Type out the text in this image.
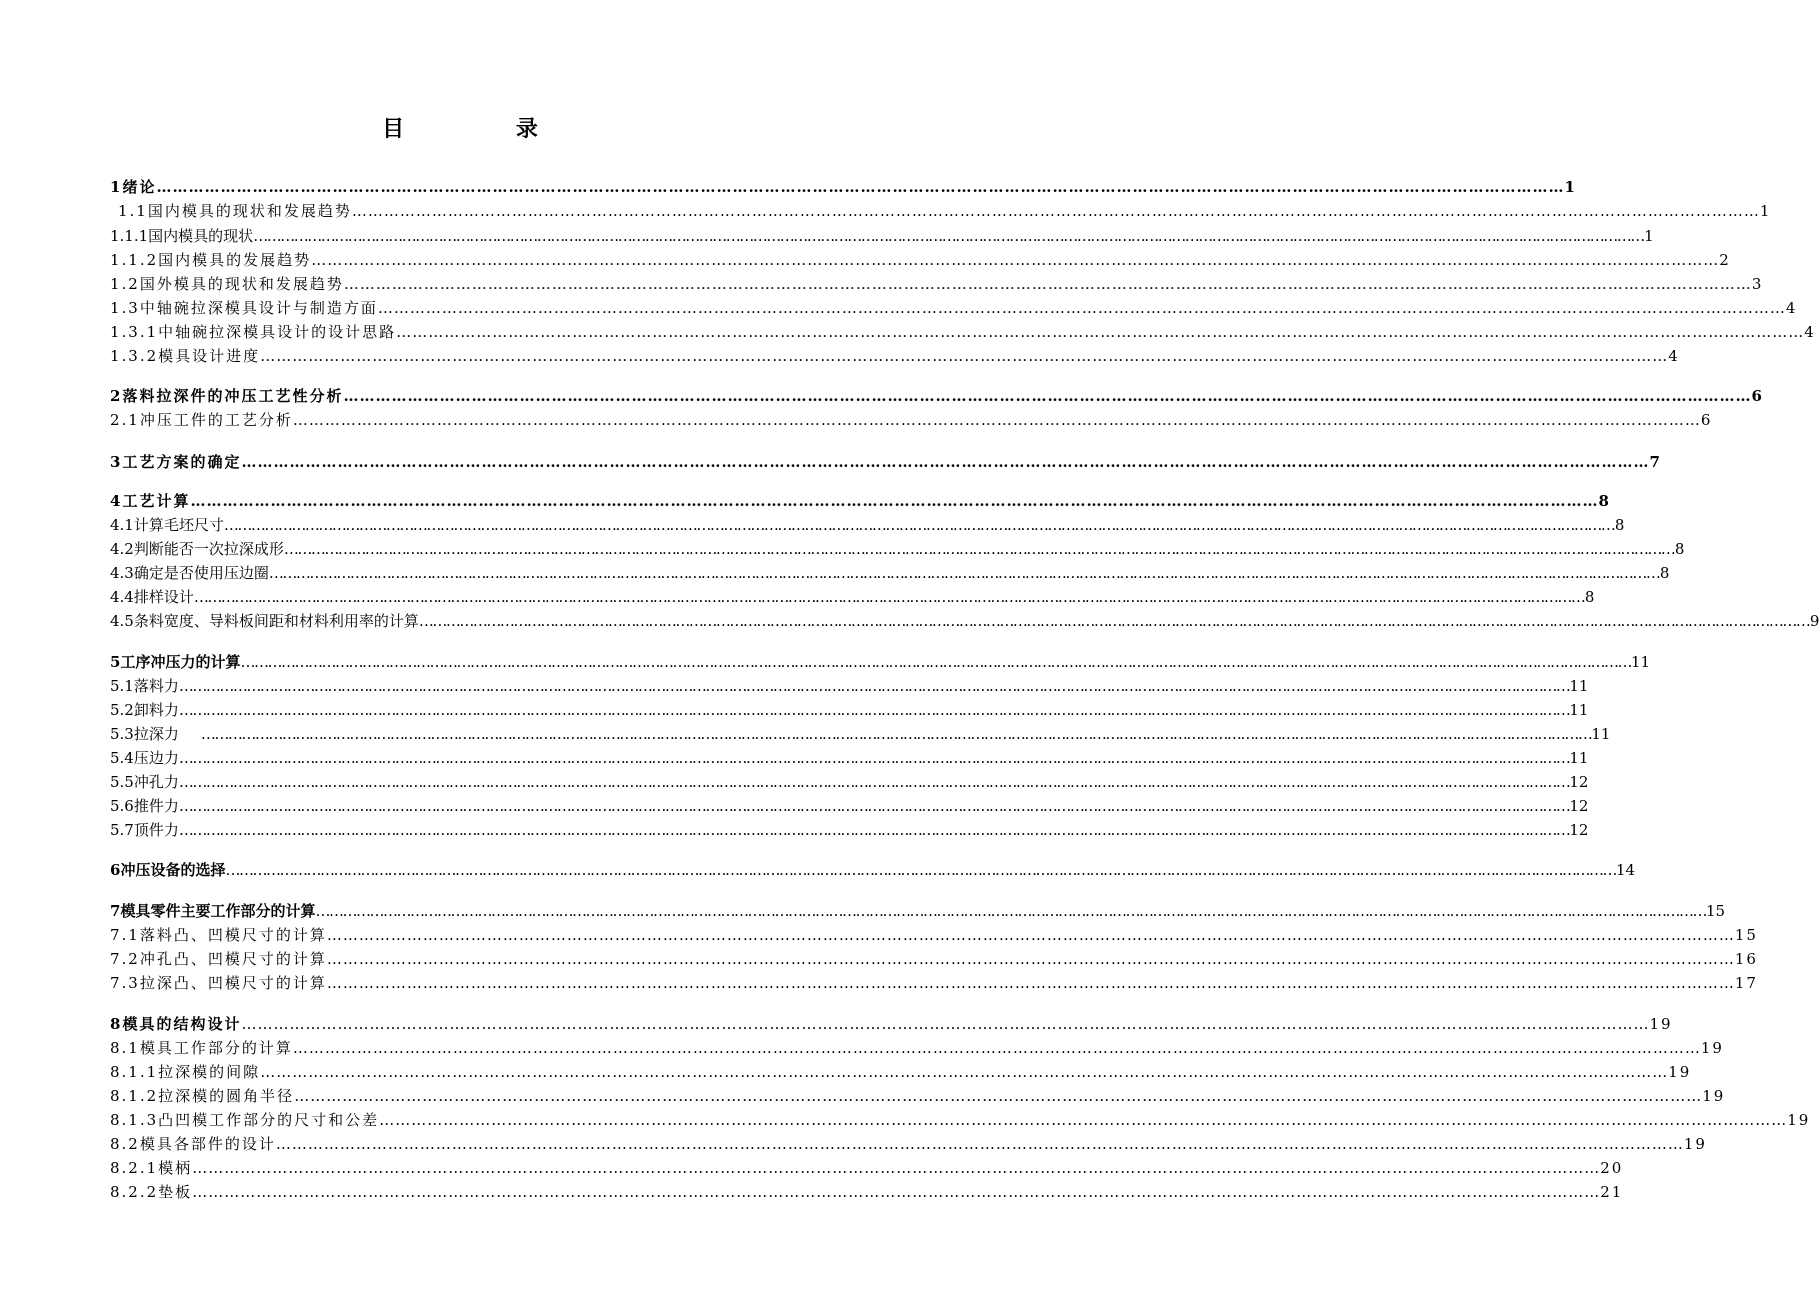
目 录
1 绪论 …………………………………………………………………………………………………………………………………………………………………………………………………………………………………………	1
1.1 国内模具的现状和发展趋势 …………………………………………………………………………………………………………………………………………………………………………………………………………………………………………	1
1.1.1 国内模具的现状 …………………………………………………………………………………………………………………………………………………………………………………………………………………………………………………………………………………	1
1.1.2 国内模具的发展趋势 …………………………………………………………………………………………………………………………………………………………………………………………………………………………………………	2
1.2 国外模具的现状和发展趋势 …………………………………………………………………………………………………………………………………………………………………………………………………………………………………………	3
1.3 中轴碗拉深模具设计与制造方面 …………………………………………………………………………………………………………………………………………………………………………………………………………………………………………	4
1.3.1 中轴碗拉深模具设计的设计思路 …………………………………………………………………………………………………………………………………………………………………………………………………………………………………………	4
1.3.2 模具设计进度 …………………………………………………………………………………………………………………………………………………………………………………………………………………………………………	4
2 落料拉深件的冲压工艺性分析 …………………………………………………………………………………………………………………………………………………………………………………………………………………………………………	6
2.1 冲压工件的工艺分析 …………………………………………………………………………………………………………………………………………………………………………………………………………………………………………	6
3 工艺方案的确定 …………………………………………………………………………………………………………………………………………………………………………………………………………………………………………	7
4 工艺计算 …………………………………………………………………………………………………………………………………………………………………………………………………………………………………………	8
4.1 计算毛坯尺寸 …………………………………………………………………………………………………………………………………………………………………………………………………………………………………………………………………………………	8
4.2 判断能否一次拉深成形 …………………………………………………………………………………………………………………………………………………………………………………………………………………………………………………………………………………	8
4.3 确定是否使用压边圈 …………………………………………………………………………………………………………………………………………………………………………………………………………………………………………………………………………………	8
4.4 排样设计 …………………………………………………………………………………………………………………………………………………………………………………………………………………………………………………………………………………	8
4.5 条料宽度、导料板间距和材料利用率的计算 …………………………………………………………………………………………………………………………………………………………………………………………………………………………………………………………………………………	9
5 工序冲压力的计算 …………………………………………………………………………………………………………………………………………………………………………………………………………………………………………………………………………………	11
5.1 落料力 …………………………………………………………………………………………………………………………………………………………………………………………………………………………………………………………………………………	11
5.2 卸料力 …………………………………………………………………………………………………………………………………………………………………………………………………………………………………………………………………………………	11
5.3 拉深力 …………………………………………………………………………………………………………………………………………………………………………………………………………………………………………………………………………………	11
5.4 压边力 …………………………………………………………………………………………………………………………………………………………………………………………………………………………………………………………………………………	11
5.5 冲孔力 …………………………………………………………………………………………………………………………………………………………………………………………………………………………………………………………………………………	12
5.6 推件力 …………………………………………………………………………………………………………………………………………………………………………………………………………………………………………………………………………………	12
5.7 顶件力 …………………………………………………………………………………………………………………………………………………………………………………………………………………………………………………………………………………	12
6 冲压设备的选择 …………………………………………………………………………………………………………………………………………………………………………………………………………………………………………………………………………………	14
7 模具零件主要工作部分的计算 …………………………………………………………………………………………………………………………………………………………………………………………………………………………………………………………………………………	15
7.1 落料凸、凹模尺寸的计算 …………………………………………………………………………………………………………………………………………………………………………………………………………………………………………	15
7.2 冲孔凸、凹模尺寸的计算 …………………………………………………………………………………………………………………………………………………………………………………………………………………………………………	16
7.3 拉深凸、凹模尺寸的计算 …………………………………………………………………………………………………………………………………………………………………………………………………………………………………………	17
8 模具的结构设计 …………………………………………………………………………………………………………………………………………………………………………………………………………………………………………	19
8.1 模具工作部分的计算 …………………………………………………………………………………………………………………………………………………………………………………………………………………………………………	19
8.1.1 拉深模的间隙 …………………………………………………………………………………………………………………………………………………………………………………………………………………………………………	19
8.1.2 拉深模的圆角半径 …………………………………………………………………………………………………………………………………………………………………………………………………………………………………………	19
8.1.3 凸凹模工作部分的尺寸和公差 …………………………………………………………………………………………………………………………………………………………………………………………………………………………………………	19
8.2 模具各部件的设计 …………………………………………………………………………………………………………………………………………………………………………………………………………………………………………	19
8.2.1 模柄 …………………………………………………………………………………………………………………………………………………………………………………………………………………………………………	20
8.2.2 垫板 …………………………………………………………………………………………………………………………………………………………………………………………………………………………………………	21
